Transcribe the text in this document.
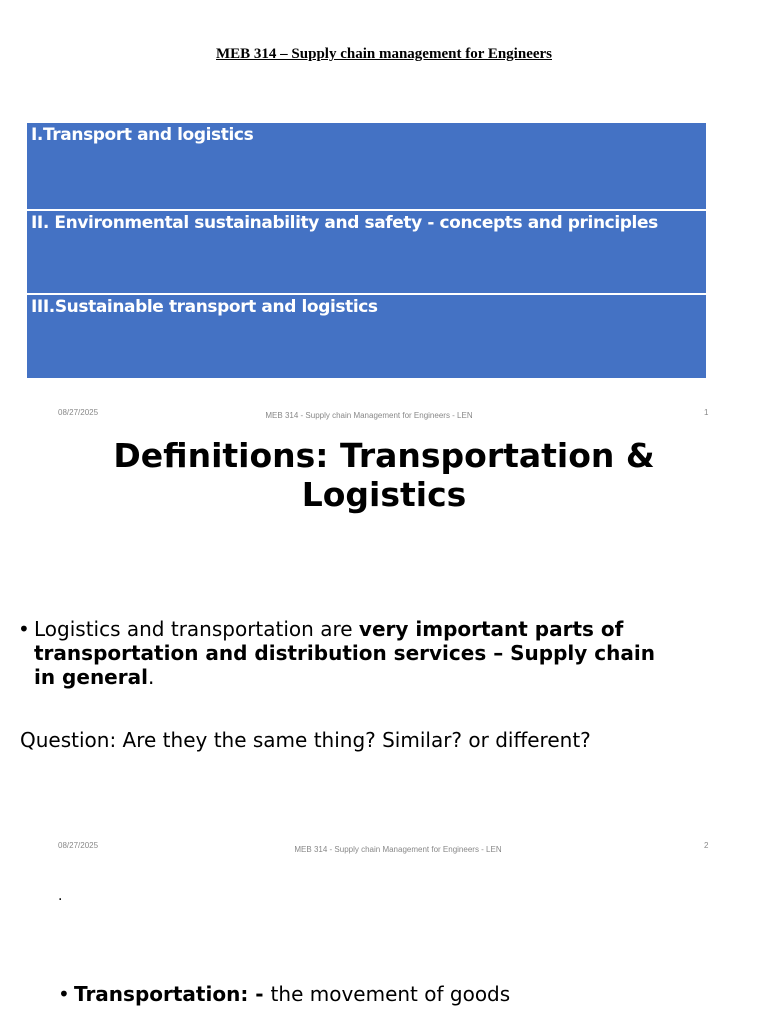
MEB 314 – Supply chain management for Engineers
I.Transport and logistics
II. Environmental sustainability and safety - concepts and principles
III.Sustainable transport and logistics
08/27/2025	MEB 314 - Supply chain Management for Engineers - LEN	1
Definitions: Transportation &
Logistics
• Logistics and transportation are very important parts of
transportation and distribution services – Supply chain
in general.
Question: Are they the same thing? Similar? or different?
08/27/2025	MEB 314 - Supply chain Management for Engineers - LEN	2
.
• Transportation: - the movement of goods
